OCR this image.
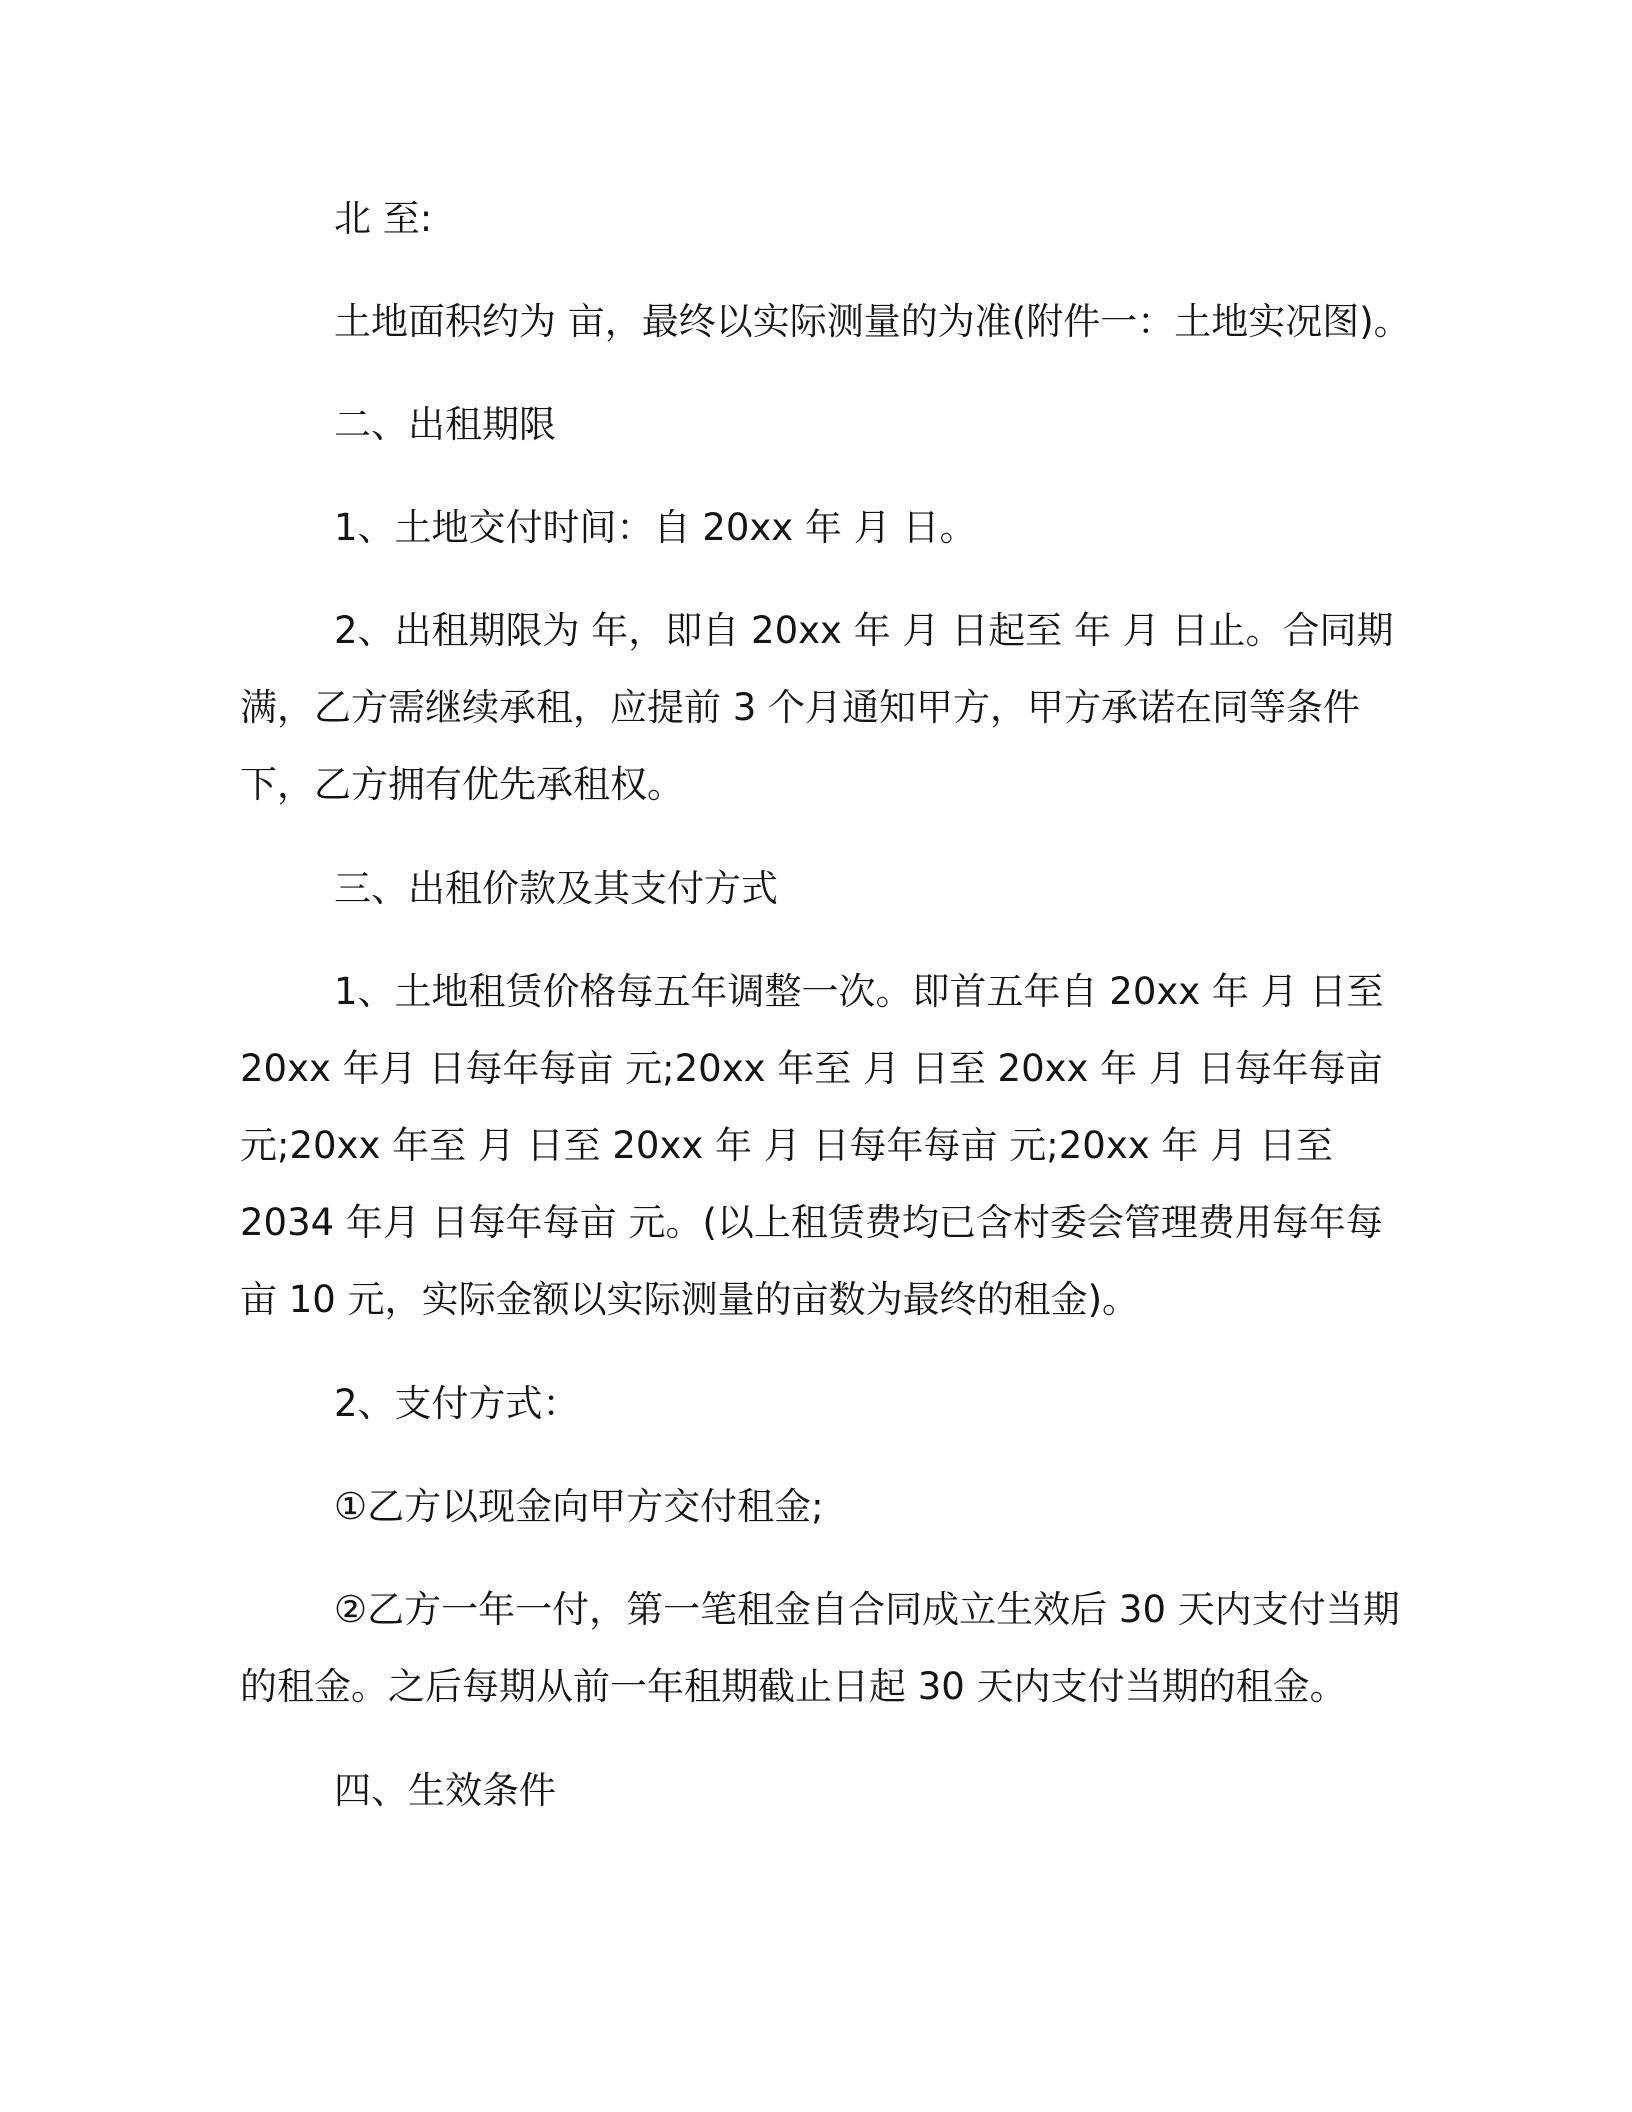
北 至:

土地面积约为 亩，最终以实际测量的为准(附件一：土地实况图)。

二、出租期限

1、土地交付时间：自 20xx 年 月 日。

2、出租期限为 年，即自 20xx 年 月 日起至 年 月 日止。合同期满，乙方需继续承租，应提前 3 个月通知甲方，甲方承诺在同等条件下，乙方拥有优先承租权。

三、出租价款及其支付方式

1、土地租赁价格每五年调整一次。即首五年自 20xx 年 月 日至 20xx 年月 日每年每亩 元;20xx 年至 月 日至 20xx 年 月 日每年每亩 元;20xx 年至 月 日至 20xx 年 月 日每年每亩 元;20xx 年 月 日至 2034 年月 日每年每亩 元。(以上租赁费均已含村委会管理费用每年每亩 10 元，实际金额以实际测量的亩数为最终的租金)。

2、支付方式：

①乙方以现金向甲方交付租金;

②乙方一年一付，第一笔租金自合同成立生效后 30 天内支付当期的租金。之后每期从前一年租期截止日起 30 天内支付当期的租金。

四、生效条件
